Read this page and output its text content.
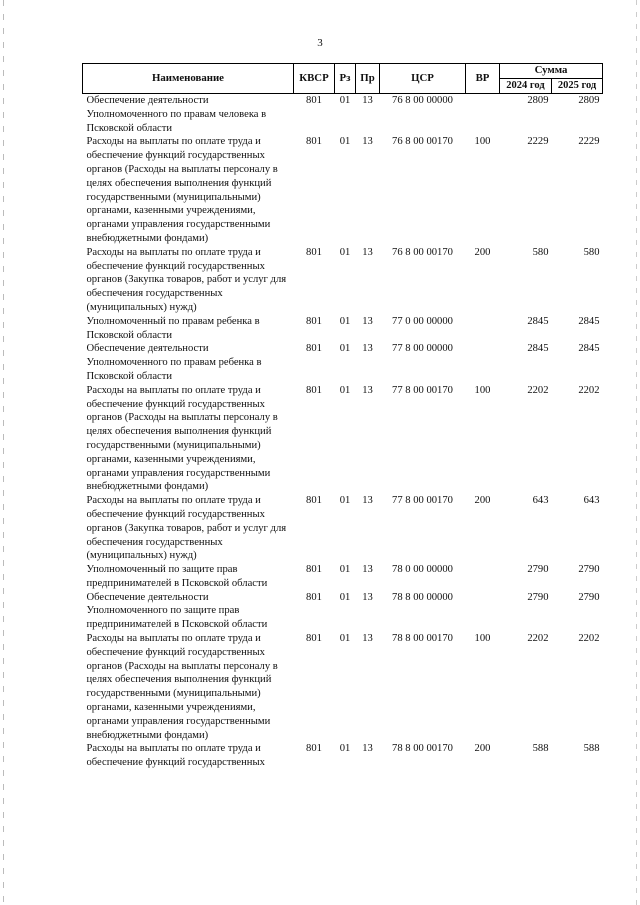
3
Наименование	КВСР	Рз	Пр	ЦСР	ВР	Сумма	
						2024 год	2025 год
Обеспечение деятельности Уполномоченного по правам человека в Псковской области	801	01	13	76 8 00 00000		2809	2809
Расходы на выплаты по оплате труда и обеспечение функций государственных органов (Расходы на выплаты персоналу в целях обеспечения выполнения функций государственными (муниципальными) органами, казенными учреждениями, органами управления государственными внебюджетными фондами)	801	01	13	76 8 00 00170	100	2229	2229
Расходы на выплаты по оплате труда и обеспечение функций государственных органов (Закупка товаров, работ и услуг для обеспечения государственных (муниципальных) нужд)	801	01	13	76 8 00 00170	200	580	580
Уполномоченный по правам ребенка в Псковской области	801	01	13	77 0 00 00000		2845	2845
Обеспечение деятельности Уполномоченного по правам ребенка в Псковской области	801	01	13	77 8 00 00000		2845	2845
Расходы на выплаты по оплате труда и обеспечение функций государственных органов (Расходы на выплаты персоналу в целях обеспечения выполнения функций государственными (муниципальными) органами, казенными учреждениями, органами управления государственными внебюджетными фондами)	801	01	13	77 8 00 00170	100	2202	2202
Расходы на выплаты по оплате труда и обеспечение функций государственных органов (Закупка товаров, работ и услуг для обеспечения государственных (муниципальных) нужд)	801	01	13	77 8 00 00170	200	643	643
Уполномоченный по защите прав предпринимателей в Псковской области	801	01	13	78 0 00 00000		2790	2790
Обеспечение деятельности Уполномоченного по защите прав предпринимателей в Псковской области	801	01	13	78 8 00 00000		2790	2790
Расходы на выплаты по оплате труда и обеспечение функций государственных органов (Расходы на выплаты персоналу в целях обеспечения выполнения функций государственными (муниципальными) органами, казенными учреждениями, органами управления государственными внебюджетными фондами)	801	01	13	78 8 00 00170	100	2202	2202
Расходы на выплаты по оплате труда и обеспечение функций государственных	801	01	13	78 8 00 00170	200	588	588
